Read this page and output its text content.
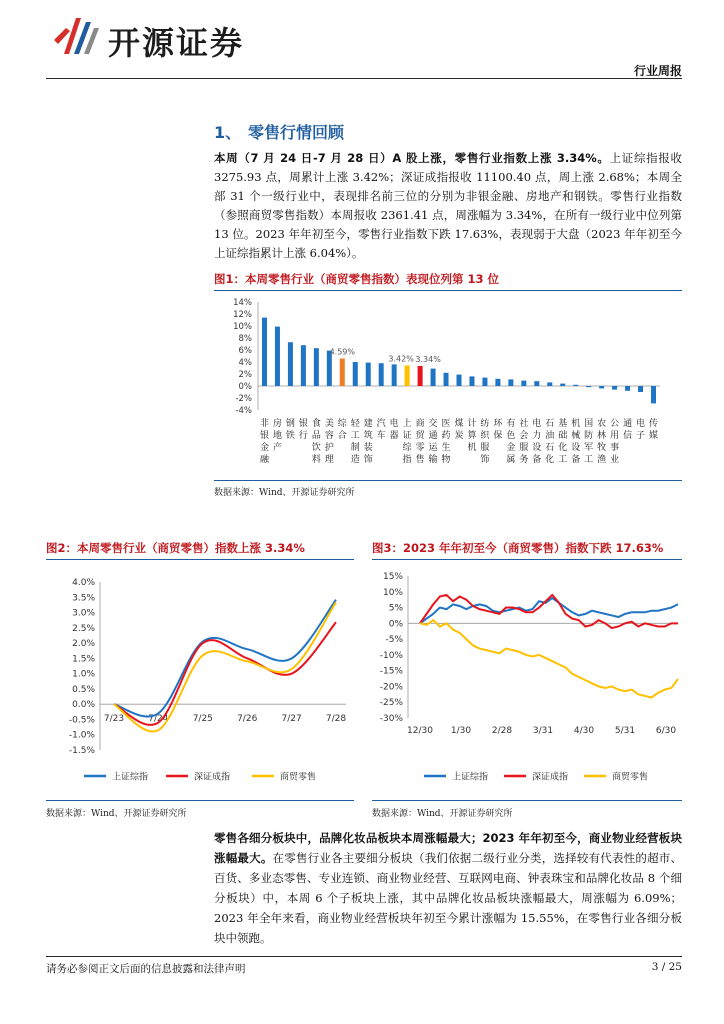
开源证券
行业周报
1、 零售行情回顾
本周（7 月 24 日-7 月 28 日）A 股上涨，零售行业指数上涨 3.34%。上证综指报收 3275.93 点，周累计上涨 3.42%；深证成指报收 11100.40 点，周上涨 2.68%；本周全部 31 个一级行业中，表现排名前三位的分别为非银金融、房地产和钢铁。零售行业指数（参照商贸零售指数）本周报收 2361.41 点，周涨幅为 3.34%，在所有一级行业中位列第 13 位。2023 年年初至今，零售行业指数下跌 17.63%，表现弱于大盘（2023 年年初至今上证综指累计上涨 6.04%）。
图1：本周零售行业（商贸零售指数）表现位列第 13 位
14%
12%
10%
8%
6%
4%
2%
0%
-2%
-4%
4.59%
3.42% 3.34%
非银金融
房地产
钢铁
银行
食品饮料
美容护理
综合
轻工制造
建筑装饰
汽车
电器
上证综指
商贸零售
交通运输
医药生物
煤炭
计算机
纺织服饰
环保
有色金属
社会服务
电力设备
石油石化
基础化工
机械设备
国防军工
农林牧渔
公用事业
通信
电子
传媒
数据来源：Wind、开源证券研究所
图2：本周零售行业（商贸零售）指数上涨 3.34%
4.0%
3.5%
3.0%
2.5%
2.0%
1.5%
1.0%
0.5%
0.0%
-0.5%
-1.0%
-1.5%
7/23	7/24	7/25	7/26	7/27	7/28
上证综指	深证成指	商贸零售
数据来源：Wind、开源证券研究所
图3：2023 年年初至今（商贸零售）指数下跌 17.63%
15%
10%
5%
0%
-5%
-10%
-15%
-20%
-25%
-30%
12/30 1/30 2/28 3/31 4/30 5/31 6/30
上证综指	深证成指	商贸零售
数据来源：Wind、开源证券研究所
零售各细分板块中，品牌化妆品板块本周涨幅最大；2023 年年初至今，商业物业经营板块涨幅最大。在零售行业各主要细分板块（我们依据二级行业分类，选择较有代表性的超市、百货、多业态零售、专业连锁、商业物业经营、互联网电商、钟表珠宝和品牌化妆品 8 个细分板块）中，本周 6 个子板块上涨，其中品牌化妆品板块涨幅最大，周涨幅为 6.09%；2023 年全年来看，商业物业经营板块年初至今累计涨幅为 15.55%，在零售行业各细分板块中领跑。
请务必参阅正文后面的信息披露和法律声明	3 / 25
